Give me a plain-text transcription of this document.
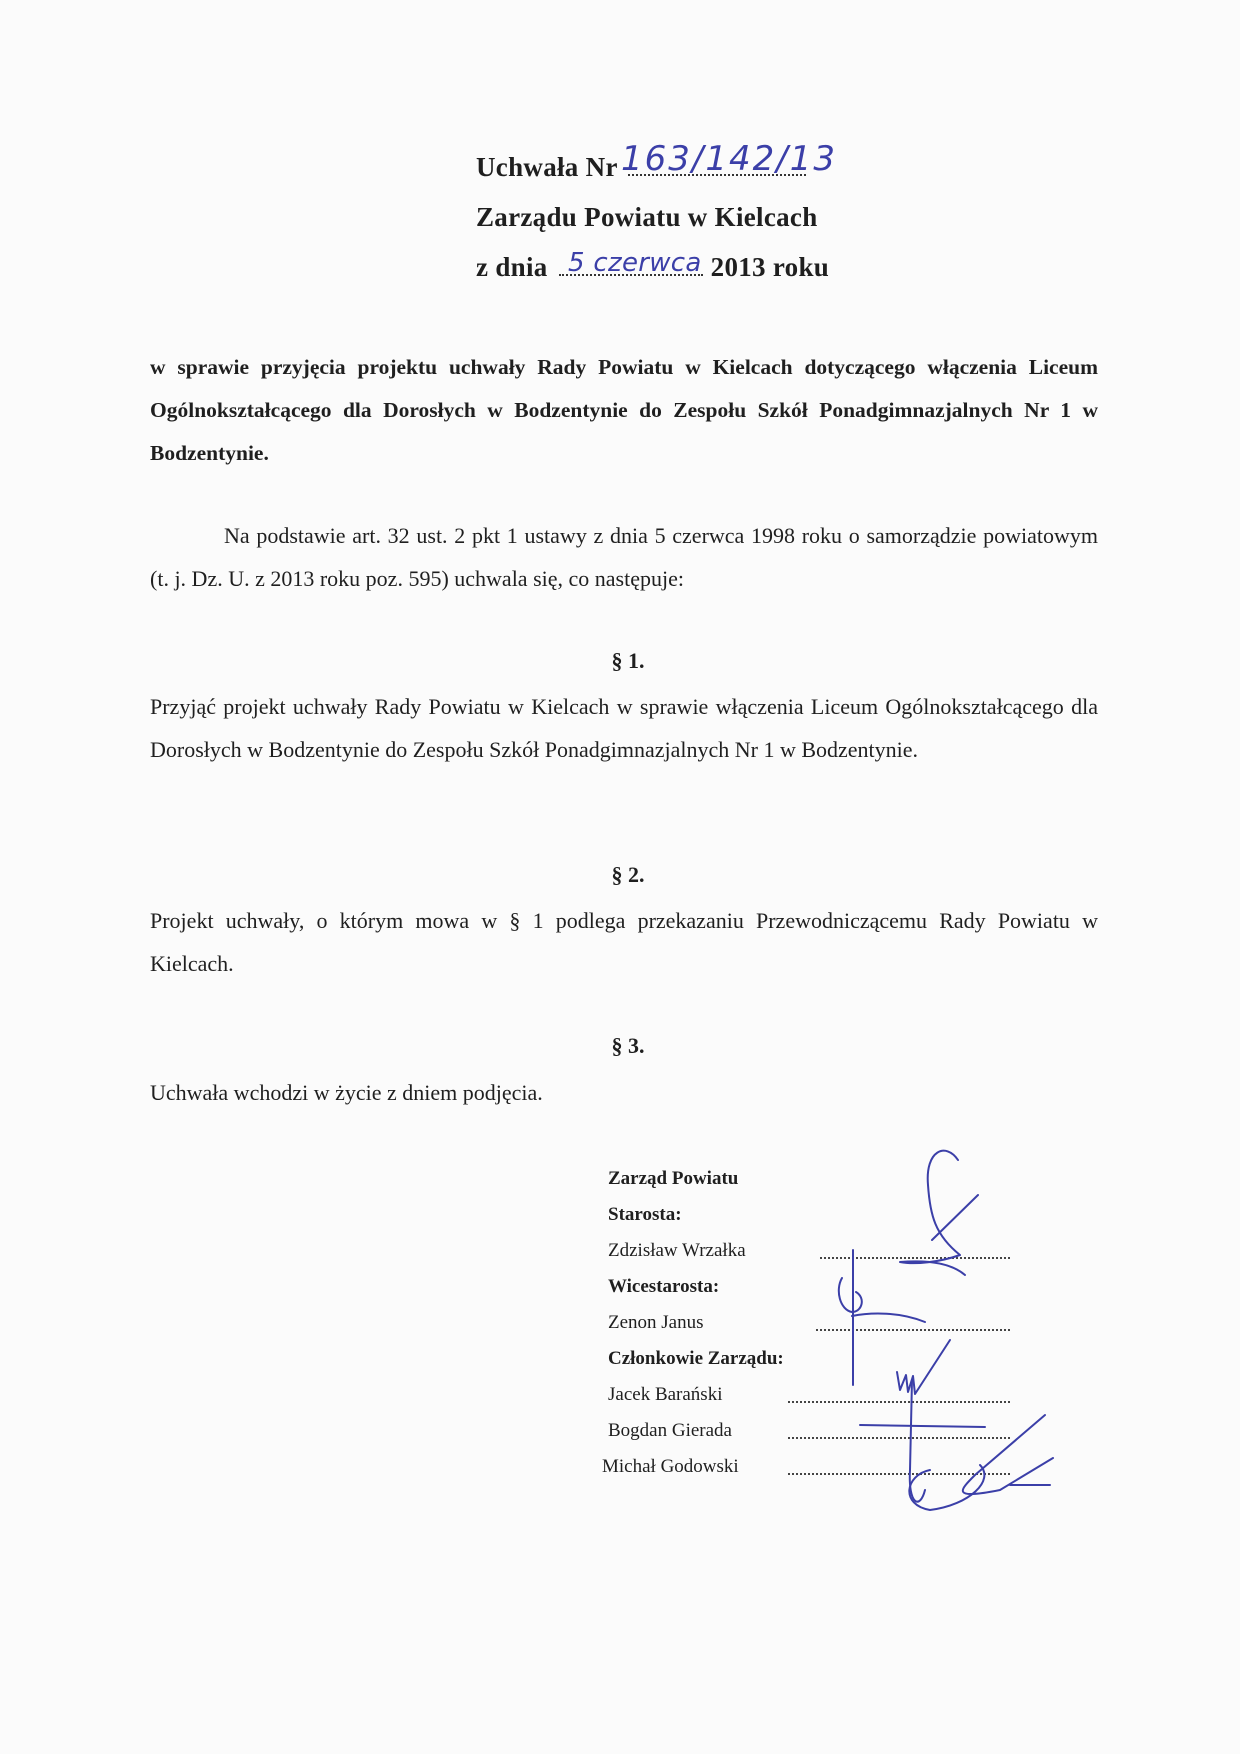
Uchwała Nr 163/142/13
Zarządu Powiatu w Kielcach
z dnia	2013 roku
5 czerwca
w sprawie przyjęcia projektu uchwały Rady Powiatu w Kielcach dotyczącego włączenia Liceum Ogólnokształcącego dla Dorosłych w Bodzentynie do Zespołu Szkół Ponadgimnazjalnych Nr 1 w Bodzentynie.
Na podstawie art. 32 ust. 2 pkt 1 ustawy z dnia 5 czerwca 1998 roku o samorządzie powiatowym (t. j. Dz. U. z 2013 roku poz. 595) uchwala się, co następuje:
§ 1.
Przyjąć projekt uchwały Rady Powiatu w Kielcach w sprawie włączenia Liceum Ogólnokształcącego dla Dorosłych w Bodzentynie do Zespołu Szkół Ponadgimnazjalnych Nr 1 w Bodzentynie.
§ 2.
Projekt uchwały, o którym mowa w § 1 podlega przekazaniu Przewodniczącemu Rady Powiatu w Kielcach.
§ 3.
Uchwała wchodzi w życie z dniem podjęcia.
Zarząd Powiatu
Starosta:
Zdzisław Wrzałka
Wicestarosta:
Zenon Janus
Członkowie Zarządu:
Jacek Barański
Bogdan Gierada
Michał Godowski
